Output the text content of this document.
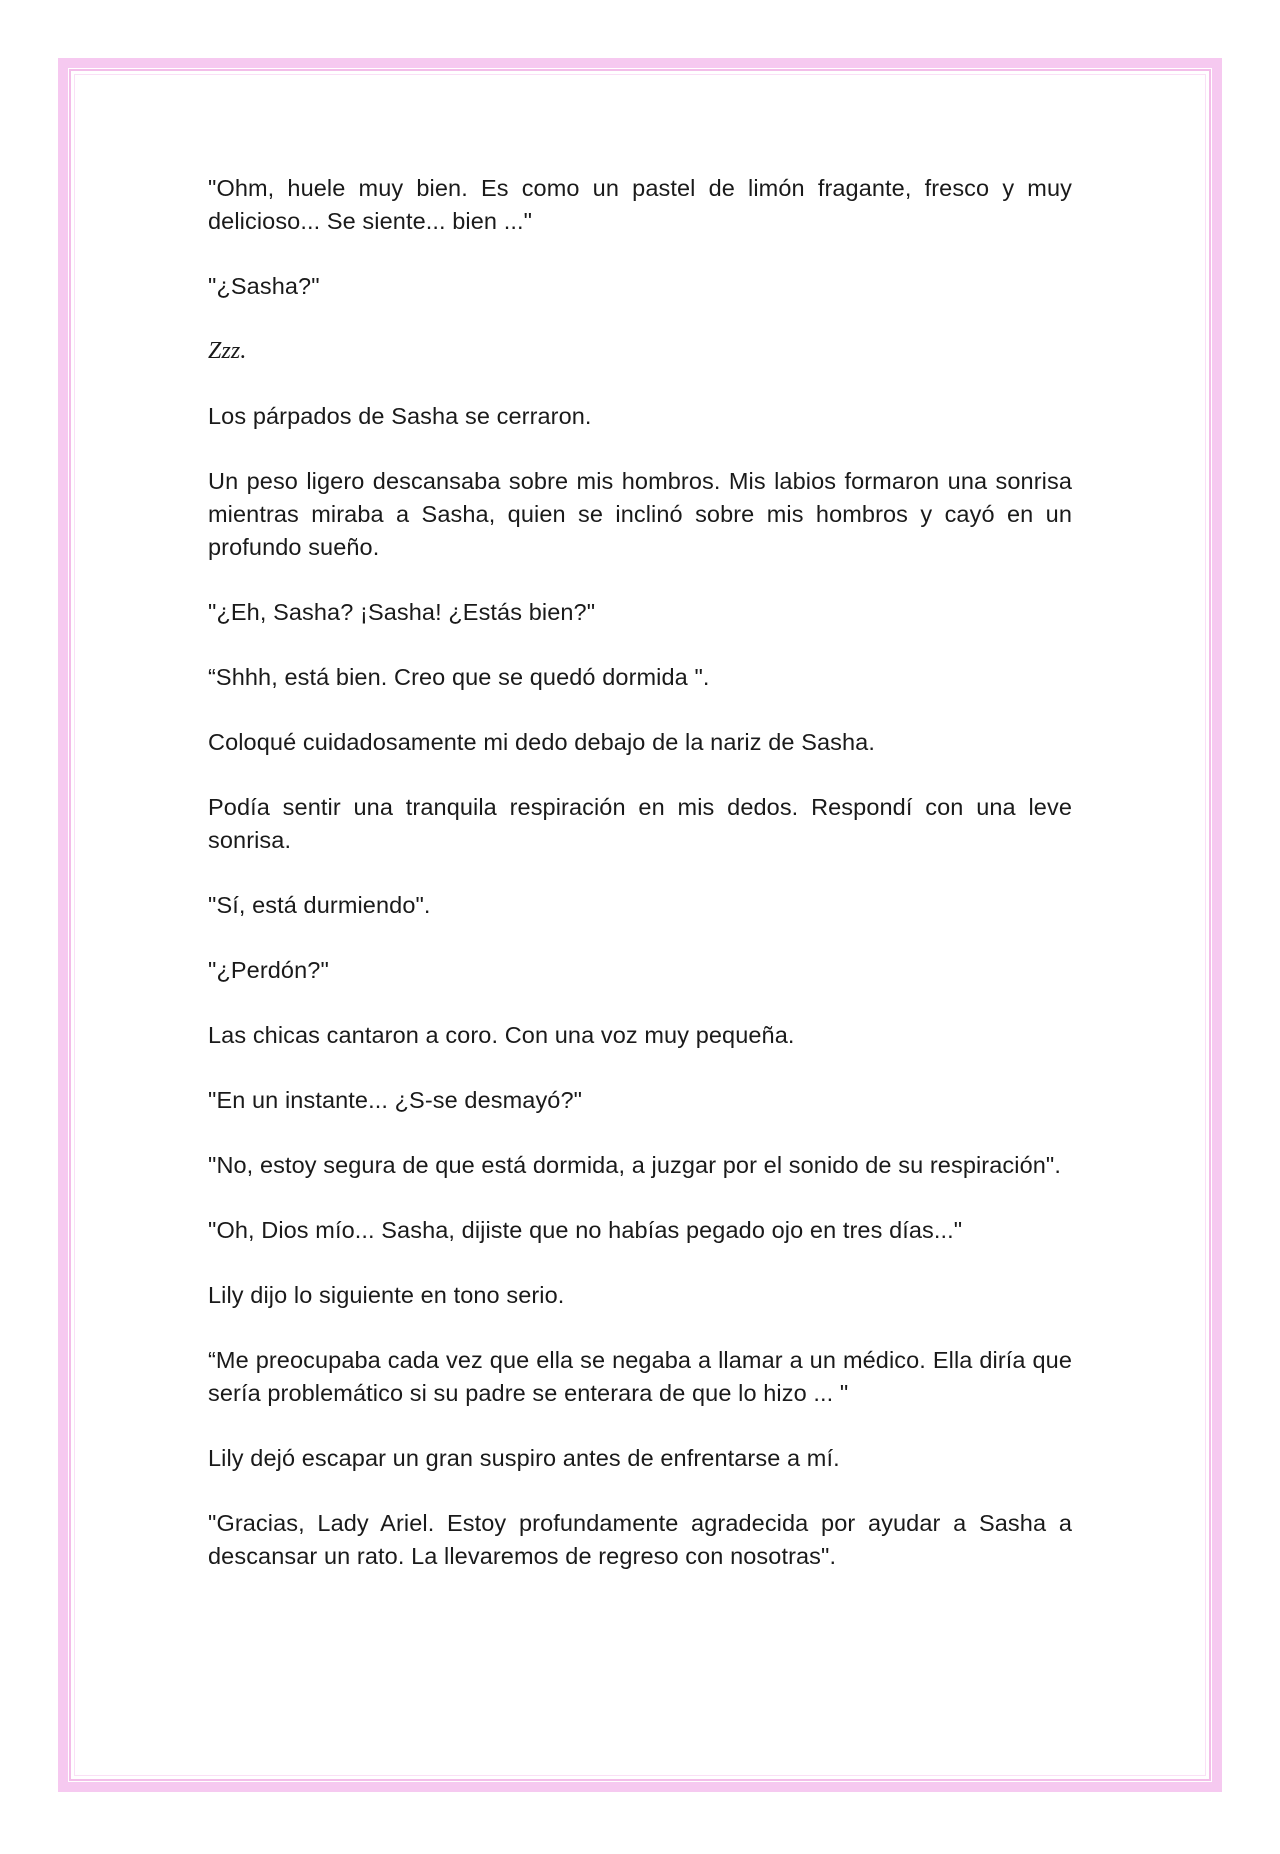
"Ohm, huele muy bien. Es como un pastel de limón fragante, fresco y muy delicioso... Se siente... bien ..."

"¿Sasha?"

Zzz.

Los párpados de Sasha se cerraron.

Un peso ligero descansaba sobre mis hombros. Mis labios formaron una sonrisa mientras miraba a Sasha, quien se inclinó sobre mis hombros y cayó en un profundo sueño.

"¿Eh, Sasha? ¡Sasha! ¿Estás bien?"

“Shhh, está bien. Creo que se quedó dormida ".

Coloqué cuidadosamente mi dedo debajo de la nariz de Sasha.

Podía sentir una tranquila respiración en mis dedos. Respondí con una leve sonrisa.

"Sí, está durmiendo".

"¿Perdón?"

Las chicas cantaron a coro. Con una voz muy pequeña.

"En un instante... ¿S-se desmayó?"

"No, estoy segura de que está dormida, a juzgar por el sonido de su respiración".

"Oh, Dios mío... Sasha, dijiste que no habías pegado ojo en tres días..."

Lily dijo lo siguiente en tono serio.

“Me preocupaba cada vez que ella se negaba a llamar a un médico. Ella diría que sería problemático si su padre se enterara de que lo hizo ... "

Lily dejó escapar un gran suspiro antes de enfrentarse a mí.

"Gracias, Lady Ariel. Estoy profundamente agradecida por ayudar a Sasha a descansar un rato. La llevaremos de regreso con nosotras".
